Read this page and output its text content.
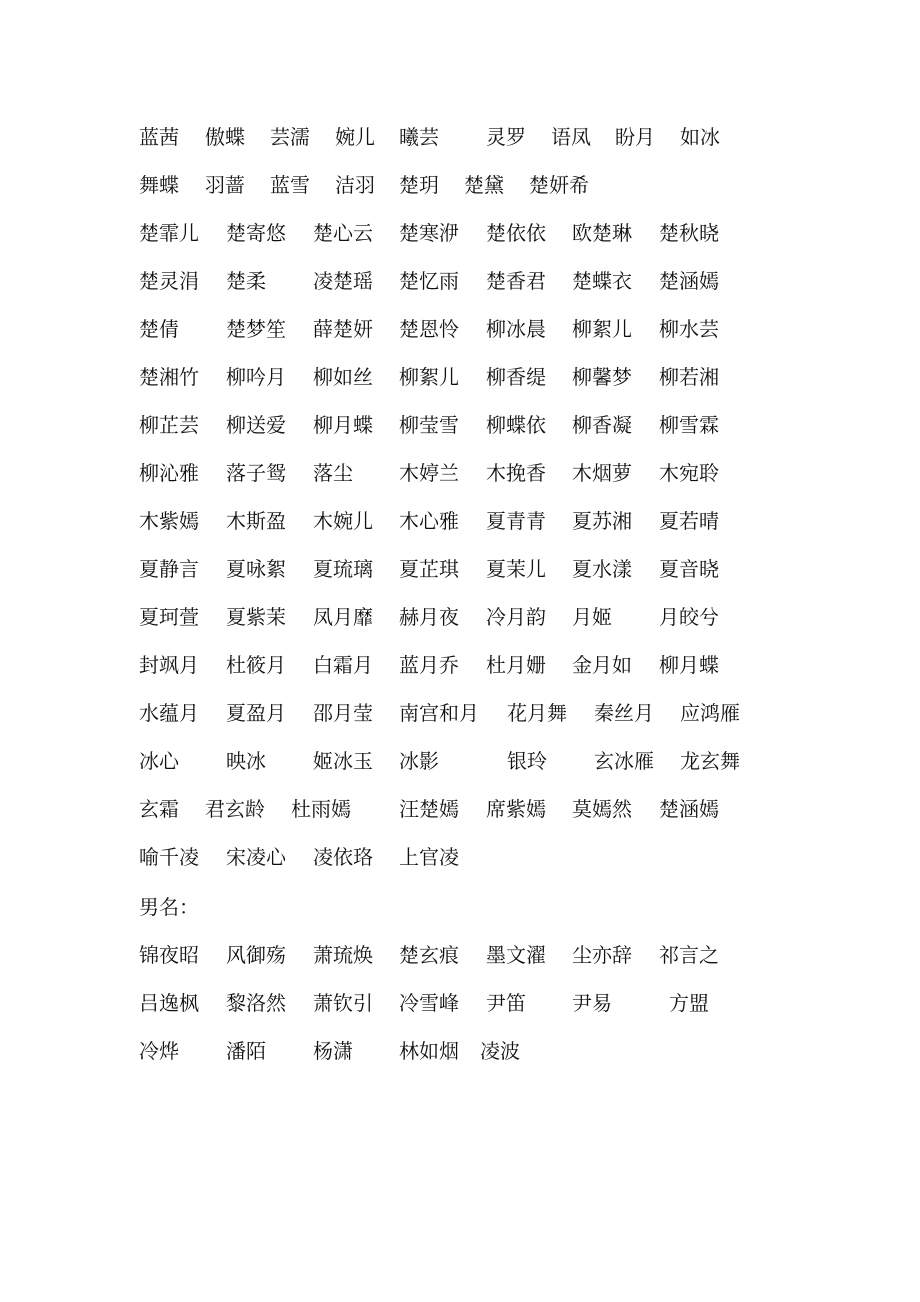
蓝茜 傲蝶 芸濡 婉儿 曦芸 灵罗 语凤 盼月 如冰
舞蝶 羽蔷 蓝雪 洁羽 楚玥 楚黛 楚妍希
楚霏儿 楚寄悠 楚心云 楚寒洢 楚依依 欧楚琳 楚秋晓
楚灵涓 楚柔 凌楚瑶 楚忆雨 楚香君 楚蝶衣 楚涵嫣
楚倩 楚梦笙 薛楚妍 楚恩怜 柳冰晨 柳絮儿 柳水芸
楚湘竹 柳吟月 柳如丝 柳絮儿 柳香缇 柳馨梦 柳若湘
柳芷芸 柳送爱 柳月蝶 柳莹雪 柳蝶依 柳香凝 柳雪霖
柳沁雅 落子鸳 落尘 木婷兰 木挽香 木烟萝 木宛聆
木紫嫣 木斯盈 木婉儿 木心雅 夏青青 夏苏湘 夏若晴
夏静言 夏咏絮 夏琉璃 夏芷琪 夏茉儿 夏水漾 夏音晓
夏珂萱 夏紫茉 凤月靡 赫月夜 冷月韵 月姬 月皎兮
封飒月 杜筱月 白霜月 蓝月乔 杜月姗 金月如 柳月蝶
水蕴月 夏盈月 邵月莹 南宫和月 花月舞 秦丝月 应鸿雁
冰心 映冰 姬冰玉 冰影	银玲 玄冰雁 龙玄舞
玄霜 君玄龄 杜雨嫣 汪楚嫣 席紫嫣 莫嫣然 楚涵嫣
喻千凌 宋凌心 凌依珞 上官凌
男名：
锦夜昭 风御殇 萧琉焕 楚玄痕 墨文濯 尘亦辞 祁言之
吕逸枫 黎洛然 萧钦引 冷雪峰 尹笛 尹易	方盟
冷烨 潘陌 杨潇 林如烟 凌波
